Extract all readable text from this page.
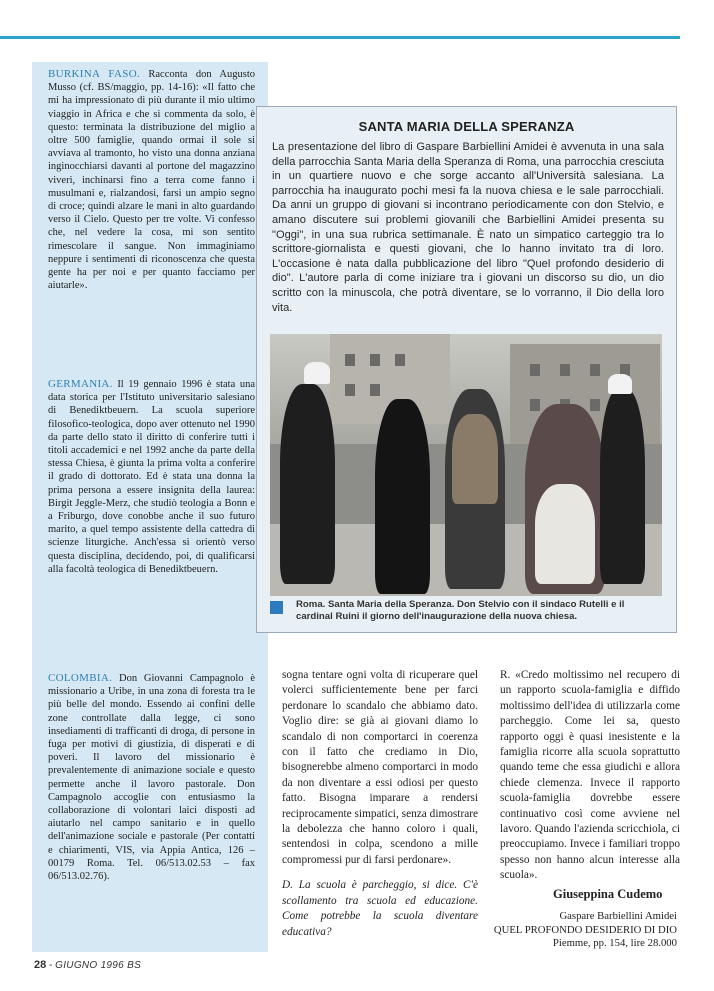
BURKINA FASO. Racconta don Augusto Musso (cf. BS/maggio, pp. 14-16): «Il fatto che mi ha impressionato di più durante il mio ultimo viaggio in Africa e che si commenta da solo, è questo: terminata la distribuzione del miglio a oltre 500 famiglie, quando ormai il sole si avviava al tramonto, ho visto una donna anziana inginocchiarsi davanti al portone del magazzino viveri, inchinarsi fino a terra come fanno i musulmani e, rialzandosi, farsi un ampio segno di croce; quindi alzare le mani in alto guardando verso il Cielo. Questo per tre volte. Vi confesso che, nel vedere la cosa, mi son sentito rimescolare il sangue. Non immaginiamo neppure i sentimenti di riconoscenza che questa gente ha per noi e per quanto facciamo per aiutarle».
GERMANIA. Il 19 gennaio 1996 è stata una data storica per l'Istituto universitario salesiano di Benediktbeuern. La scuola superiore filosofico-teologica, dopo aver ottenuto nel 1990 da parte dello stato il diritto di conferire tutti i titoli accademici e nel 1992 anche da parte della stessa Chiesa, è giunta la prima volta a conferire il grado di dottorato. Ed è stata una donna la prima persona a essere insignita della laurea: Birgit Jeggle-Merz, che studiò teologia a Bonn e a Friburgo, dove conobbe anche il suo futuro marito, a quel tempo assistente della cattedra di scienze liturgiche. Anch'essa si orientò verso questa disciplina, decidendo, poi, di qualificarsi alla facoltà teologica di Benediktbeuern.
COLOMBIA. Don Giovanni Campagnolo è missionario a Uribe, in una zona di foresta tra le più belle del mondo. Essendo ai confini delle zone controllate dalla legge, ci sono insediamenti di trafficanti di droga, di persone in fuga per motivi di giustizia, di disperati e di poveri. Il lavoro del missionario è prevalentemente di animazione sociale e questo permette anche il lavoro pastorale. Don Campagnolo accoglie con entusiasmo la collaborazione di volontari laici disposti ad aiutarlo nel campo sanitario e in quello dell'animazione sociale e pastorale (Per contatti e chiarimenti, VIS, via Appia Antica, 126 – 00179 Roma. Tel. 06/513.02.53 – fax 06/513.02.76).
SANTA MARIA DELLA SPERANZA
La presentazione del libro di Gaspare Barbiellini Amidei è avvenuta in una sala della parrocchia Santa Maria della Speranza di Roma, una parrocchia cresciuta in un quartiere nuovo e che sorge accanto all'Università salesiana. La parrocchia ha inaugurato pochi mesi fa la nuova chiesa e le sale parrocchiali. Da anni un gruppo di giovani si incontrano periodicamente con don Stelvio, e amano discutere sui problemi giovanili che Barbiellini Amidei presenta su "Oggi", in una sua rubrica settimanale. È nato un simpatico carteggio tra lo scrittore-giornalista e questi giovani, che lo hanno invitato tra di loro. L'occasione è nata dalla pubblicazione del libro "Quel profondo desiderio di dio". L'autore parla di come iniziare tra i giovani un discorso su dio, un dio scritto con la minuscola, che potrà diventare, se lo vorranno, il Dio della loro vita.
Roma. Santa Maria della Speranza. Don Stelvio con il sindaco Rutelli e il cardinal Ruini il giorno dell'inaugurazione della nuova chiesa.

sogna tentare ogni volta di ricuperare quel volerci sufficientemente bene per farci perdonare lo scandalo che abbiamo dato. Voglio dire: se già ai giovani diamo lo scandalo di non comportarci in coerenza con il fatto che crediamo in Dio, bisognerebbe almeno comportarci in modo da non diventare a essi odiosi per questo fatto. Bisogna imparare a rendersi reciprocamente simpatici, senza dimostrare la debolezza che hanno coloro i quali, sentendosi in colpa, scendono a mille compromessi pur di farsi perdonare».

D. La scuola è parcheggio, si dice. C'è scollamento tra scuola ed educazione. Come potrebbe la scuola diventare educativa?

R. «Credo moltissimo nel recupero di un rapporto scuola-famiglia e diffido moltissimo dell'idea di utilizzarla come parcheggio. Come lei sa, questo rapporto oggi è quasi inesistente e la famiglia ricorre alla scuola soprattutto quando teme che essa giudichi e allora chiede clemenza. Invece il rapporto scuola-famiglia dovrebbe essere continuativo così come avviene nel lavoro. Quando l'azienda scricchiola, ci preoccupiamo. Invece i familiari troppo spesso non hanno alcun interesse alla scuola».

Giuseppina Cudemo
Gaspare Barbiellini Amidei
QUEL PROFONDO DESIDERIO DI DIO
Piemme, pp. 154, lire 28.000
28 - GIUGNO 1996 BS
